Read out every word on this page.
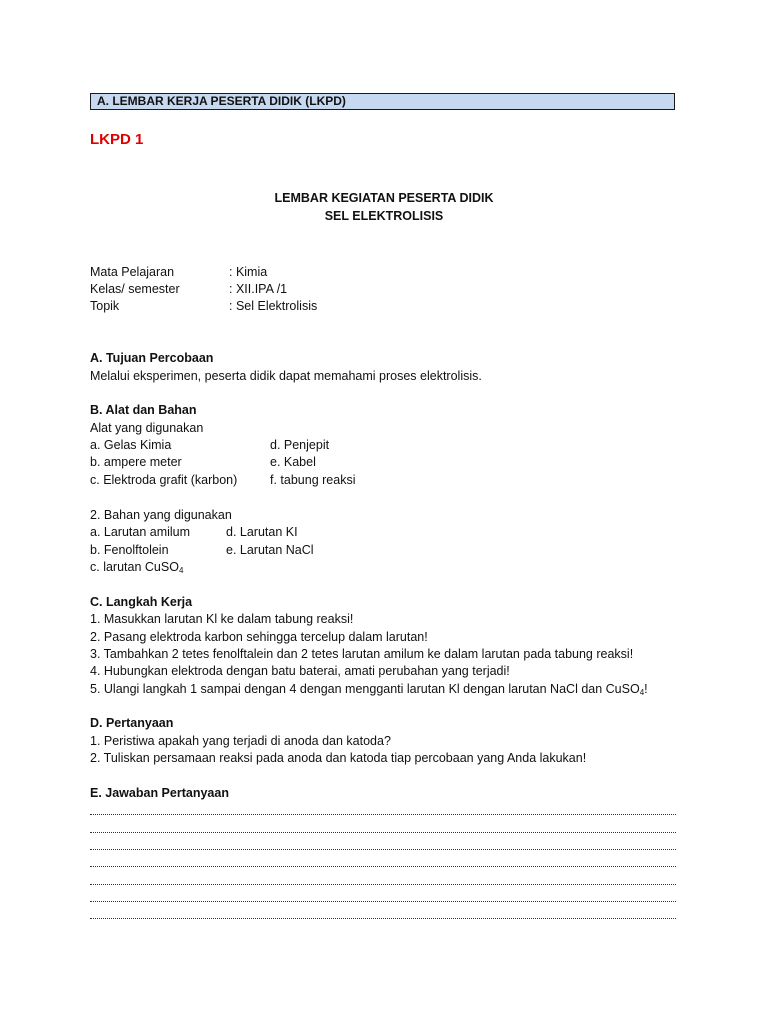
A. LEMBAR KERJA PESERTA DIDIK (LKPD)
LKPD 1
LEMBAR KEGIATAN PESERTA DIDIK
SEL ELEKTROLISIS
Mata Pelajaran	: Kimia
Kelas/ semester	: XII.IPA /1
Topik	: Sel Elektrolisis
A. Tujuan Percobaan
Melalui eksperimen, peserta didik dapat memahami proses elektrolisis.
B. Alat dan Bahan
Alat yang digunakan
a. Gelas Kimia	d. Penjepit
b. ampere meter	e. Kabel
c. Elektroda grafit (karbon)	f. tabung reaksi
2. Bahan yang digunakan
a. Larutan amilum	d. Larutan KI
b. Fenolftolein	e. Larutan NaCl
c. larutan CuSO$_4$
C. Langkah Kerja
1. Masukkan larutan Kl ke dalam tabung reaksi!
2. Pasang elektroda karbon sehingga tercelup dalam larutan!
3. Tambahkan 2 tetes fenolftalein dan 2 tetes larutan amilum ke dalam larutan pada tabung reaksi!
4. Hubungkan elektroda dengan batu baterai, amati perubahan yang terjadi!
5. Ulangi langkah 1 sampai dengan 4 dengan mengganti larutan Kl dengan larutan NaCl dan CuSO$_4$!
D. Pertanyaan
1. Peristiwa apakah yang terjadi di anoda dan katoda?
2. Tuliskan persamaan reaksi pada anoda dan katoda tiap percobaan yang Anda lakukan!
E. Jawaban Pertanyaan
